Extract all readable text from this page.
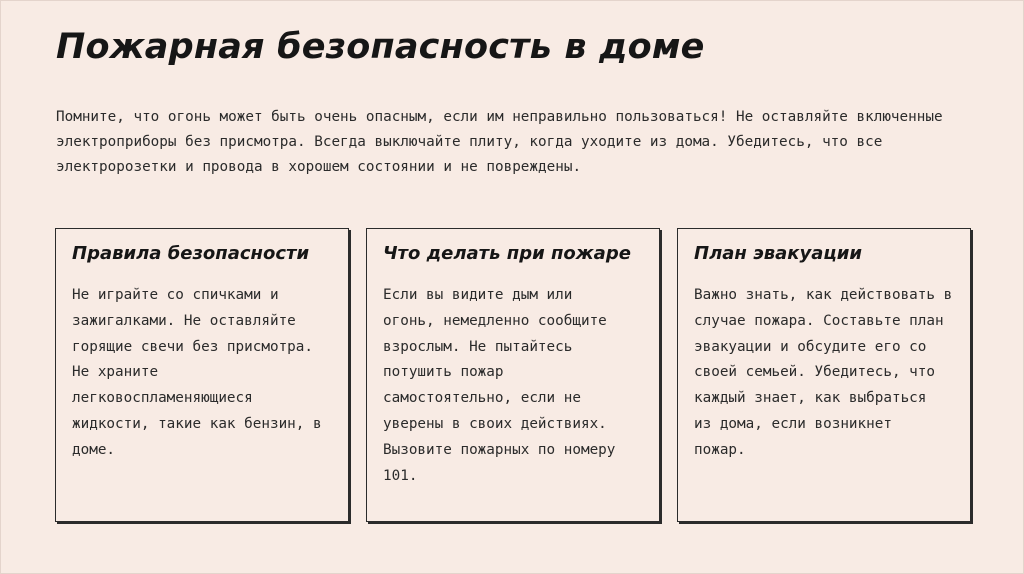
Пожарная безопасность в доме

Помните, что огонь может быть очень опасным, если им неправильно пользоваться! Не оставляйте включенные электроприборы без присмотра. Всегда выключайте плиту, когда уходите из дома. Убедитесь, что все электророзетки и провода в хорошем состоянии и не повреждены.

Правила безопасности
Не играйте со спичками и
зажигалками. Не оставляйте
горящие свечи без присмотра.
Не храните
легковоспламеняющиеся
жидкости, такие как бензин, в
доме.
Что делать при пожаре
Если вы видите дым или
огонь, немедленно сообщите
взрослым. Не пытайтесь
потушить пожар
самостоятельно, если не
уверены в своих действиях.
Вызовите пожарных по номеру
101.
План эвакуации
Важно знать, как действовать в
случае пожара. Составьте план
эвакуации и обсудите его со
своей семьей. Убедитесь, что
каждый знает, как выбраться
из дома, если возникнет
пожар.
